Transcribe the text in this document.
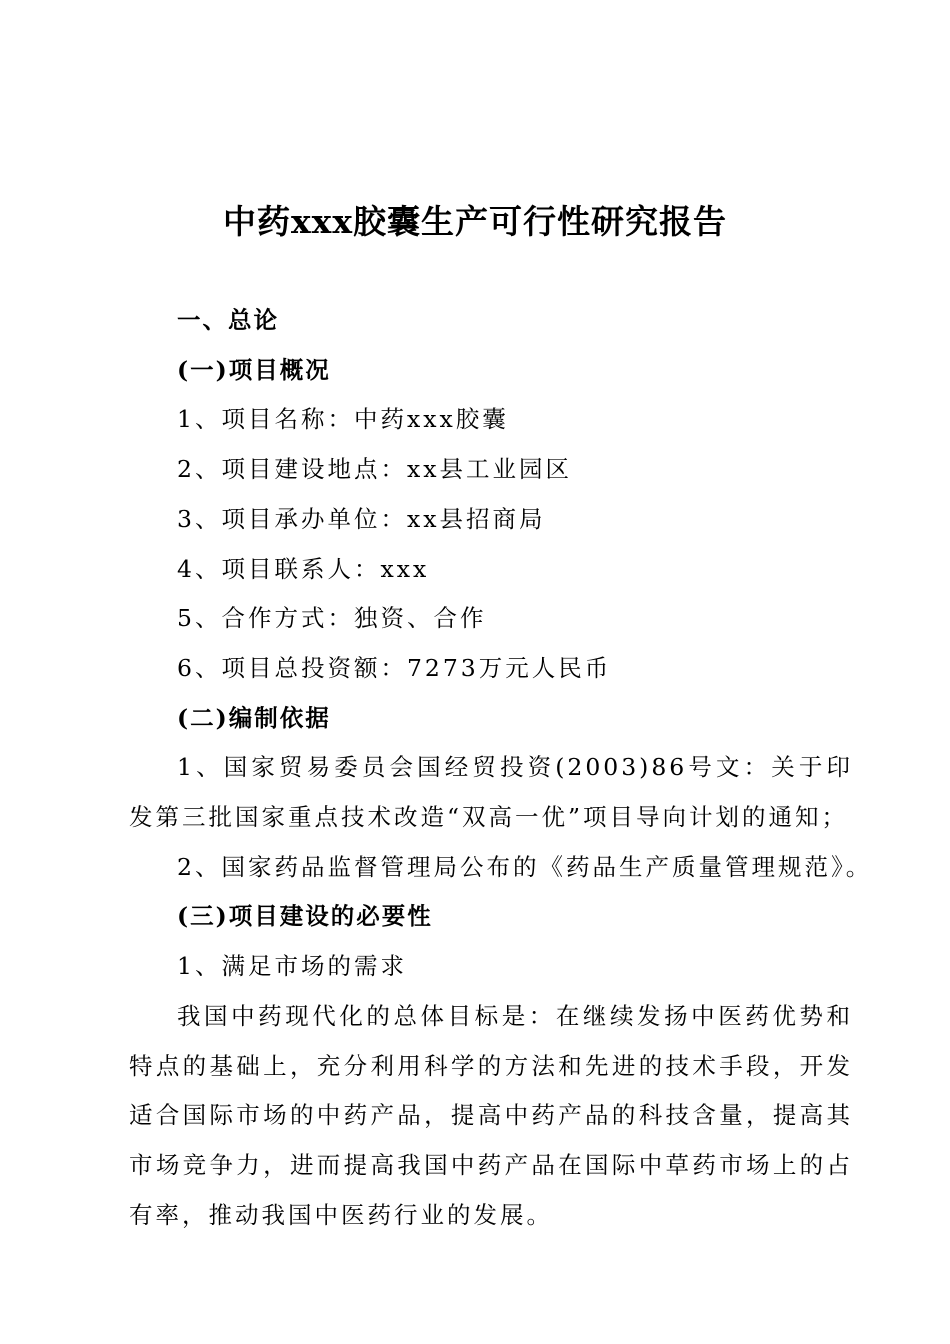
中药xxx胶囊生产可行性研究报告

一、总论

(一)项目概况

1、项目名称：中药xxx胶囊

2、项目建设地点：xx县工业园区

3、项目承办单位：xx县招商局

4、项目联系人：xxx

5、合作方式：独资、合作

6、项目总投资额：7273万元人民币

(二)编制依据

1、国家贸易委员会国经贸投资(2003)86号文：关于印发第三批国家重点技术改造“双高一优”项目导向计划的通知；

2、国家药品监督管理局公布的《药品生产质量管理规范》。

(三)项目建设的必要性

1、满足市场的需求

我国中药现代化的总体目标是：在继续发扬中医药优势和特点的基础上，充分利用科学的方法和先进的技术手段，开发适合国际市场的中药产品，提高中药产品的科技含量，提高其市场竞争力，进而提高我国中药产品在国际中草药市场上的占有率，推动我国中医药行业的发展。
